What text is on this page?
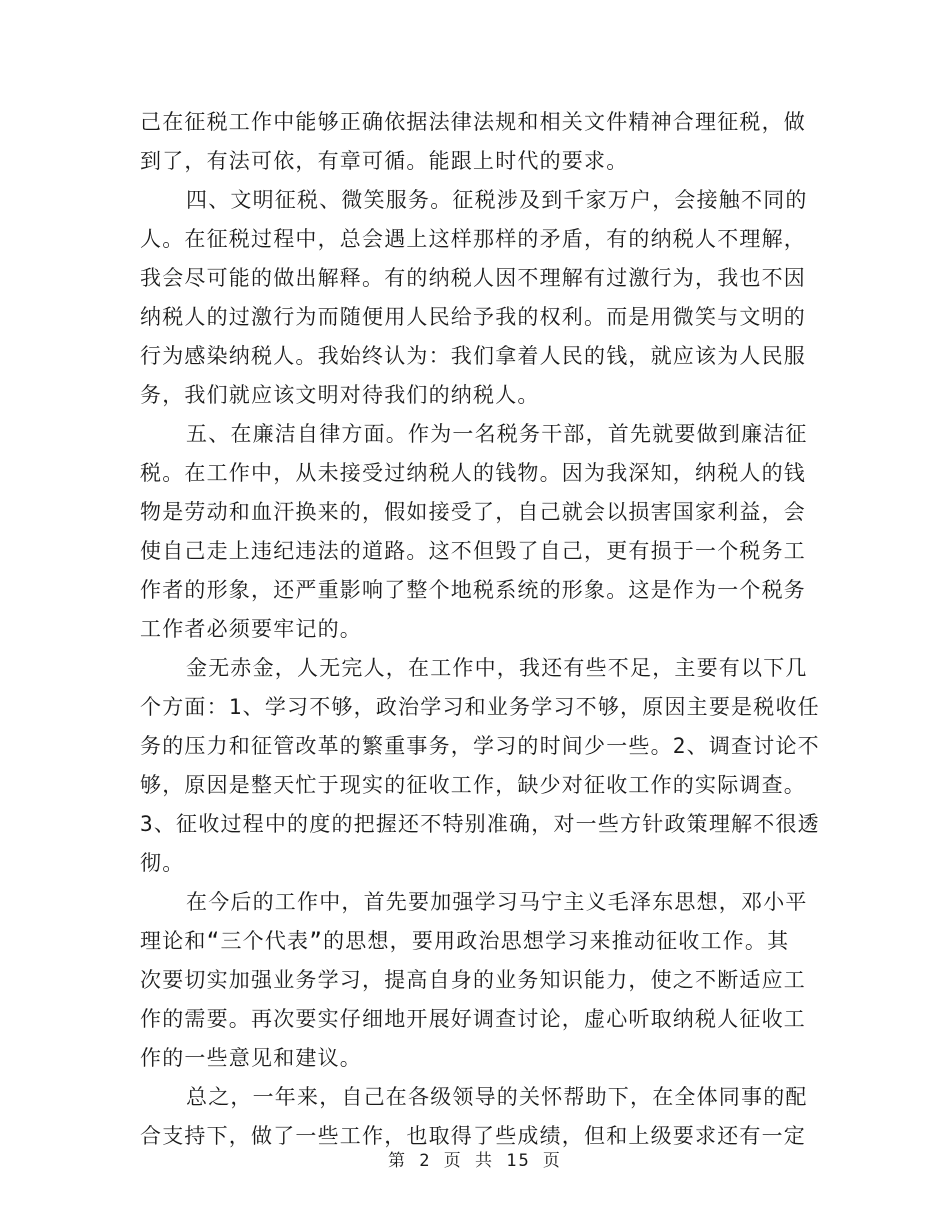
己在征税工作中能够正确依据法律法规和相关文件精神合理征税，做
到了，有法可依，有章可循。能跟上时代的要求。
四、文明征税、微笑服务。征税涉及到千家万户，会接触不同的
人。在征税过程中，总会遇上这样那样的矛盾，有的纳税人不理解，
我会尽可能的做出解释。有的纳税人因不理解有过激行为，我也不因
纳税人的过激行为而随便用人民给予我的权利。而是用微笑与文明的
行为感染纳税人。我始终认为：我们拿着人民的钱，就应该为人民服
务，我们就应该文明对待我们的纳税人。
五、在廉洁自律方面。作为一名税务干部，首先就要做到廉洁征
税。在工作中，从未接受过纳税人的钱物。因为我深知，纳税人的钱
物是劳动和血汗换来的，假如接受了，自己就会以损害国家利益，会
使自己走上违纪违法的道路。这不但毁了自己，更有损于一个税务工
作者的形象，还严重影响了整个地税系统的形象。这是作为一个税务
工作者必须要牢记的。
金无赤金，人无完人，在工作中，我还有些不足，主要有以下几
个方面：1、学习不够，政治学习和业务学习不够，原因主要是税收任
务的压力和征管改革的繁重事务，学习的时间少一些。2、调查讨论不
够，原因是整天忙于现实的征收工作，缺少对征收工作的实际调查。
3、征收过程中的度的把握还不特别准确，对一些方针政策理解不很透
彻。
在今后的工作中，首先要加强学习马宁主义毛泽东思想，邓小平
理论和“三个代表”的思想，要用政治思想学习来推动征收工作。其
次要切实加强业务学习，提高自身的业务知识能力，使之不断适应工
作的需要。再次要实仔细地开展好调查讨论，虚心听取纳税人征收工
作的一些意见和建议。
总之，一年来，自己在各级领导的关怀帮助下，在全体同事的配
合支持下，做了一些工作，也取得了些成绩，但和上级要求还有一定
第 2 页 共 15 页
